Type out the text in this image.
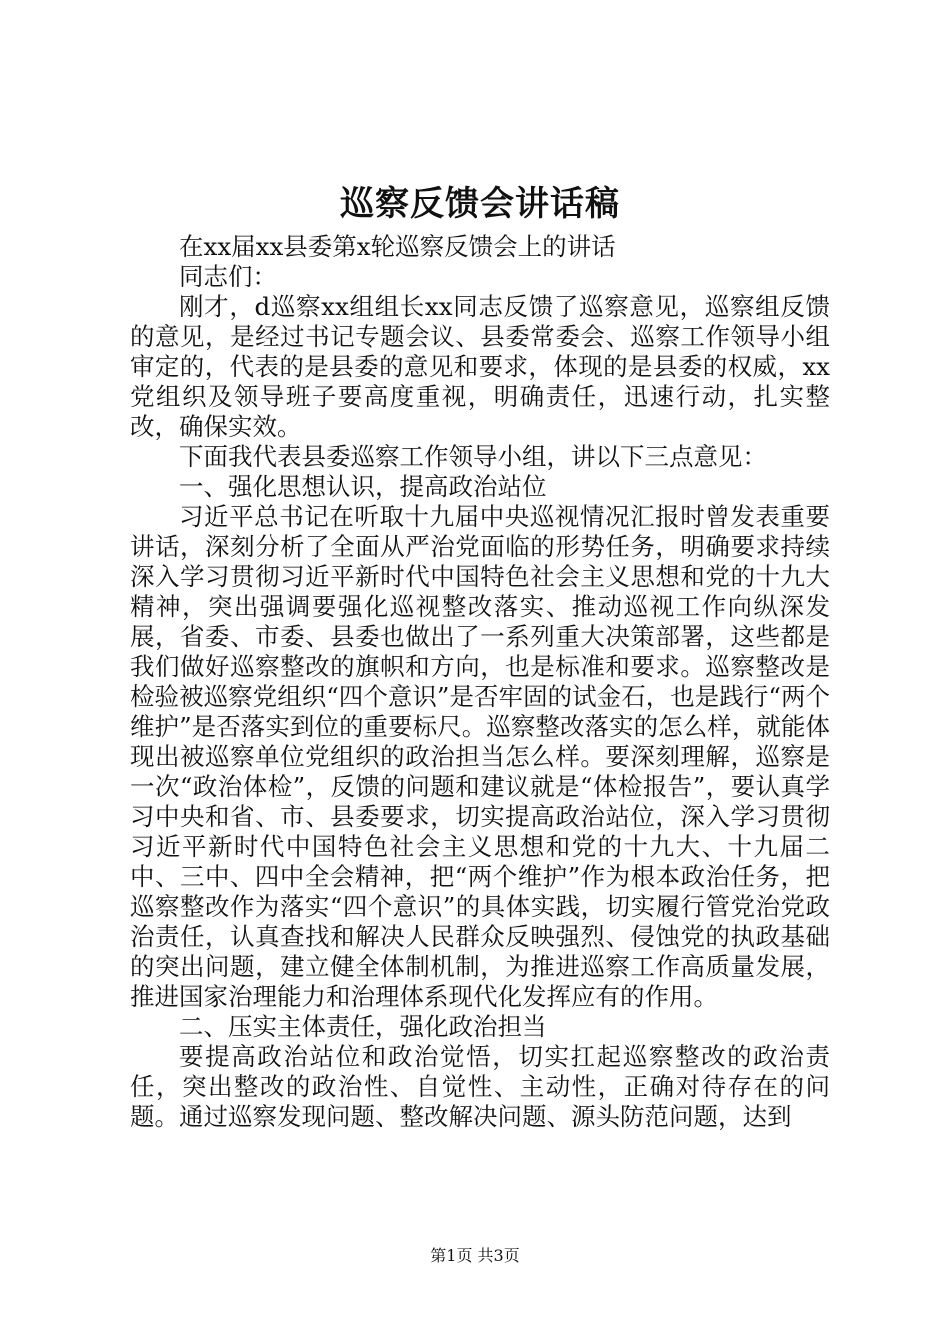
巡察反馈会讲话稿

在xx届xx县委第x轮巡察反馈会上的讲话

同志们：

刚才，d巡察xx组组长xx同志反馈了巡察意见，巡察组反馈的意见，是经过书记专题会议、县委常委会、巡察工作领导小组审定的，代表的是县委的意见和要求，体现的是县委的权威，xx党组织及领导班子要高度重视，明确责任，迅速行动，扎实整改，确保实效。

下面我代表县委巡察工作领导小组，讲以下三点意见：

一、强化思想认识，提高政治站位

习近平总书记在听取十九届中央巡视情况汇报时曾发表重要讲话，深刻分析了全面从严治党面临的形势任务，明确要求持续深入学习贯彻习近平新时代中国特色社会主义思想和党的十九大精神，突出强调要强化巡视整改落实、推动巡视工作向纵深发展，省委、市委、县委也做出了一系列重大决策部署，这些都是我们做好巡察整改的旗帜和方向，也是标准和要求。巡察整改是检验被巡察党组织“四个意识”是否牢固的试金石，也是践行“两个维护”是否落实到位的重要标尺。巡察整改落实的怎么样，就能体现出被巡察单位党组织的政治担当怎么样。要深刻理解，巡察是一次“政治体检”，反馈的问题和建议就是“体检报告”，要认真学习中央和省、市、县委要求，切实提高政治站位，深入学习贯彻习近平新时代中国特色社会主义思想和党的十九大、十九届二中、三中、四中全会精神，把“两个维护”作为根本政治任务，把巡察整改作为落实“四个意识”的具体实践，切实履行管党治党政治责任，认真查找和解决人民群众反映强烈、侵蚀党的执政基础的突出问题，建立健全体制机制，为推进巡察工作高质量发展，推进国家治理能力和治理体系现代化发挥应有的作用。

二、压实主体责任，强化政治担当

要提高政治站位和政治觉悟，切实扛起巡察整改的政治责任，突出整改的政治性、自觉性、主动性，正确对待存在的问题。通过巡察发现问题、整改解决问题、源头防范问题，达到

第1页 共3页
